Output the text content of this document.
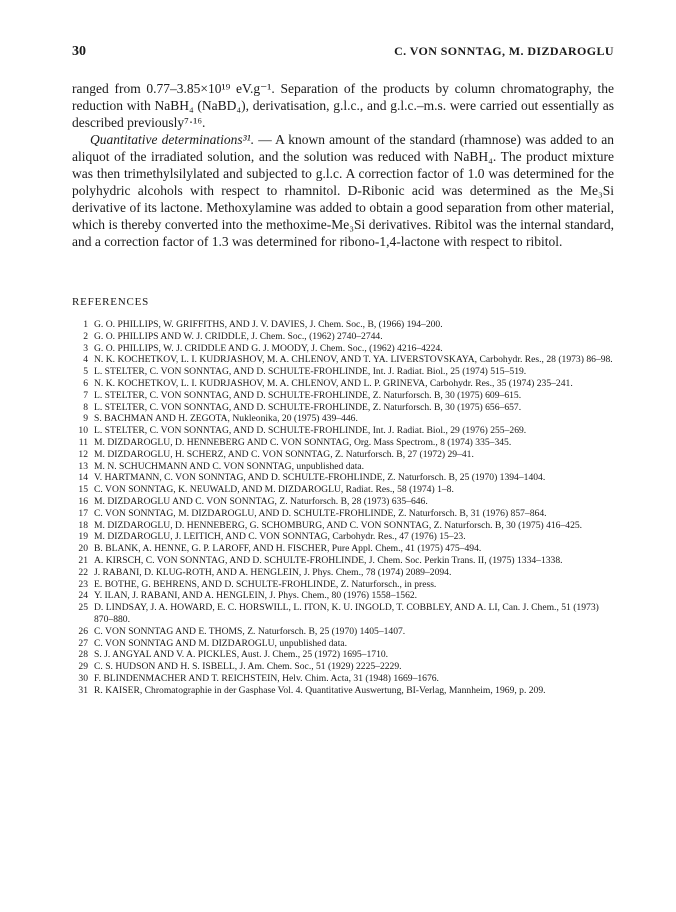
30	C. VON SONNTAG, M. DIZDAROGLU

ranged from 0.77–3.85×10¹⁹ eV.g⁻¹. Separation of the products by column chromatography, the reduction with NaBH₄ (NaBD₄), derivatisation, g.l.c., and g.l.c.–m.s. were carried out essentially as described previously⁷·¹⁶.

Quantitative determinations³¹. — A known amount of the standard (rhamnose) was added to an aliquot of the irradiated solution, and the solution was reduced with NaBH₄. The product mixture was then trimethylsilylated and subjected to g.l.c. A correction factor of 1.0 was determined for the polyhydric alcohols with respect to rhamnitol. D-Ribonic acid was determined as the Me₃Si derivative of its lactone. Methoxylamine was added to obtain a good separation from other material, which is thereby converted into the methoxime-Me₃Si derivatives. Ribitol was the internal standard, and a correction factor of 1.3 was determined for ribono-1,4-lactone with respect to ribitol.

REFERENCES
1 G. O. PHILLIPS, W. GRIFFITHS, AND J. V. DAVIES, J. Chem. Soc., B, (1966) 194–200.
2 G. O. PHILLIPS AND W. J. CRIDDLE, J. Chem. Soc., (1962) 2740–2744.
3 G. O. PHILLIPS, W. J. CRIDDLE AND G. J. MOODY, J. Chem. Soc., (1962) 4216–4224.
4 N. K. KOCHETKOV, L. I. KUDRJASHOV, M. A. CHLENOV, AND T. YA. LIVERSTOVSKAYA, Carbohydr. Res., 28 (1973) 86–98.
5 L. STELTER, C. VON SONNTAG, AND D. SCHULTE-FROHLINDE, Int. J. Radiat. Biol., 25 (1974) 515–519.
6 N. K. KOCHETKOV, L. I. KUDRJASHOV, M. A. CHLENOV, AND L. P. GRINEVA, Carbohydr. Res., 35 (1974) 235–241.
7 L. STELTER, C. VON SONNTAG, AND D. SCHULTE-FROHLINDE, Z. Naturforsch. B, 30 (1975) 609–615.
8 L. STELTER, C. VON SONNTAG, AND D. SCHULTE-FROHLINDE, Z. Naturforsch. B, 30 (1975) 656–657.
9 S. BACHMAN AND H. ZEGOTA, Nukleonika, 20 (1975) 439–446.
10 L. STELTER, C. VON SONNTAG, AND D. SCHULTE-FROHLINDE, Int. J. Radiat. Biol., 29 (1976) 255–269.
11 M. DIZDAROGLU, D. HENNEBERG AND C. VON SONNTAG, Org. Mass Spectrom., 8 (1974) 335–345.
12 M. DIZDAROGLU, H. SCHERZ, AND C. VON SONNTAG, Z. Naturforsch. B, 27 (1972) 29–41.
13 M. N. SCHUCHMANN AND C. VON SONNTAG, unpublished data.
14 V. HARTMANN, C. VON SONNTAG, AND D. SCHULTE-FROHLINDE, Z. Naturforsch. B, 25 (1970) 1394–1404.
15 C. VON SONNTAG, K. NEUWALD, AND M. DIZDAROGLU, Radiat. Res., 58 (1974) 1–8.
16 M. DIZDAROGLU AND C. VON SONNTAG, Z. Naturforsch. B, 28 (1973) 635–646.
17 C. VON SONNTAG, M. DIZDAROGLU, AND D. SCHULTE-FROHLINDE, Z. Naturforsch. B, 31 (1976) 857–864.
18 M. DIZDAROGLU, D. HENNEBERG, G. SCHOMBURG, AND C. VON SONNTAG, Z. Naturforsch. B, 30 (1975) 416–425.
19 M. DIZDAROGLU, J. LEITICH, AND C. VON SONNTAG, Carbohydr. Res., 47 (1976) 15–23.
20 B. BLANK, A. HENNE, G. P. LAROFF, AND H. FISCHER, Pure Appl. Chem., 41 (1975) 475–494.
21 A. KIRSCH, C. VON SONNTAG, AND D. SCHULTE-FROHLINDE, J. Chem. Soc. Perkin Trans. II, (1975) 1334–1338.
22 J. RABANI, D. KLUG-ROTH, AND A. HENGLEIN, J. Phys. Chem., 78 (1974) 2089–2094.
23 E. BOTHE, G. BEHRENS, AND D. SCHULTE-FROHLINDE, Z. Naturforsch., in press.
24 Y. ILAN, J. RABANI, AND A. HENGLEIN, J. Phys. Chem., 80 (1976) 1558–1562.
25 D. LINDSAY, J. A. HOWARD, E. C. HORSWILL, L. ITON, K. U. INGOLD, T. COBBLEY, AND A. LI, Can. J. Chem., 51 (1973) 870–880.
26 C. VON SONNTAG AND E. THOMS, Z. Naturforsch. B, 25 (1970) 1405–1407.
27 C. VON SONNTAG AND M. DIZDAROGLU, unpublished data.
28 S. J. ANGYAL AND V. A. PICKLES, Aust. J. Chem., 25 (1972) 1695–1710.
29 C. S. HUDSON AND H. S. ISBELL, J. Am. Chem. Soc., 51 (1929) 2225–2229.
30 F. BLINDENMACHER AND T. REICHSTEIN, Helv. Chim. Acta, 31 (1948) 1669–1676.
31 R. KAISER, Chromatographie in der Gasphase Vol. 4. Quantitative Auswertung, BI-Verlag, Mannheim, 1969, p. 209.
